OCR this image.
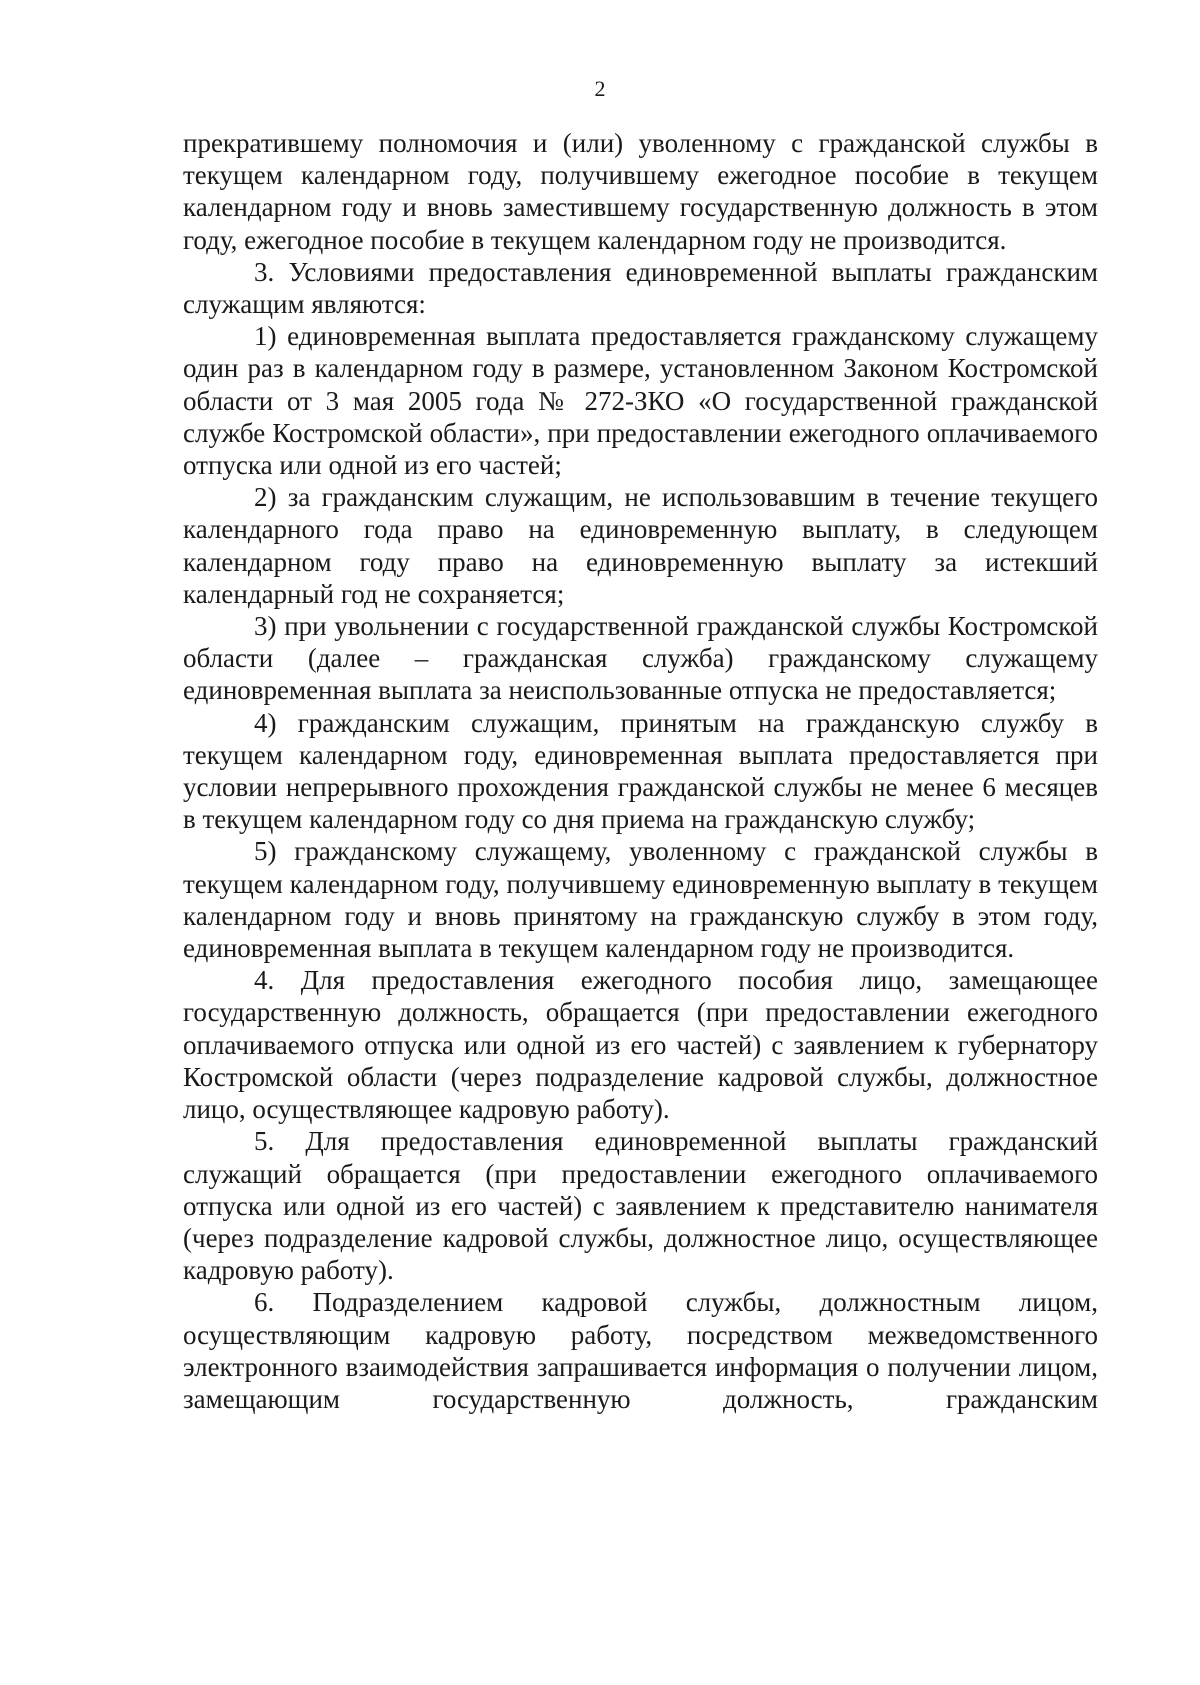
2

прекратившему полномочия и (или) уволенному с гражданской службы в текущем календарном году, получившему ежегодное пособие в текущем календарном году и вновь заместившему государственную должность в этом году, ежегодное пособие в текущем календарном году не производится.

3. Условиями предоставления единовременной выплаты гражданским служащим являются:

1) единовременная выплата предоставляется гражданскому служащему один раз в календарном году в размере, установленном Законом Костромской области от 3 мая 2005 года № 272-ЗКО «О государственной гражданской службе Костромской области», при предоставлении ежегодного оплачиваемого отпуска или одной из его частей;

2) за гражданским служащим, не использовавшим в течение текущего календарного года право на единовременную выплату, в следующем календарном году право на единовременную выплату за истекший календарный год не сохраняется;

3) при увольнении с государственной гражданской службы Костромской области (далее – гражданская служба) гражданскому служащему единовременная выплата за неиспользованные отпуска не предоставляется;

4) гражданским служащим, принятым на гражданскую службу в текущем календарном году, единовременная выплата предоставляется при условии непрерывного прохождения гражданской службы не менее 6 месяцев в текущем календарном году со дня приема на гражданскую службу;

5) гражданскому служащему, уволенному с гражданской службы в текущем календарном году, получившему единовременную выплату в текущем календарном году и вновь принятому на гражданскую службу в этом году, единовременная выплата в текущем календарном году не производится.

4. Для предоставления ежегодного пособия лицо, замещающее государственную должность, обращается (при предоставлении ежегодного оплачиваемого отпуска или одной из его частей) с заявлением к губернатору Костромской области (через подразделение кадровой службы, должностное лицо, осуществляющее кадровую работу).

5. Для предоставления единовременной выплаты гражданский служащий обращается (при предоставлении ежегодного оплачиваемого отпуска или одной из его частей) с заявлением к представителю нанимателя (через подразделение кадровой службы, должностное лицо, осуществляющее кадровую работу).

6. Подразделением кадровой службы, должностным лицом, осуществляющим кадровую работу, посредством межведомственного электронного взаимодействия запрашивается информация о получении лицом, замещающим государственную должность, гражданским
